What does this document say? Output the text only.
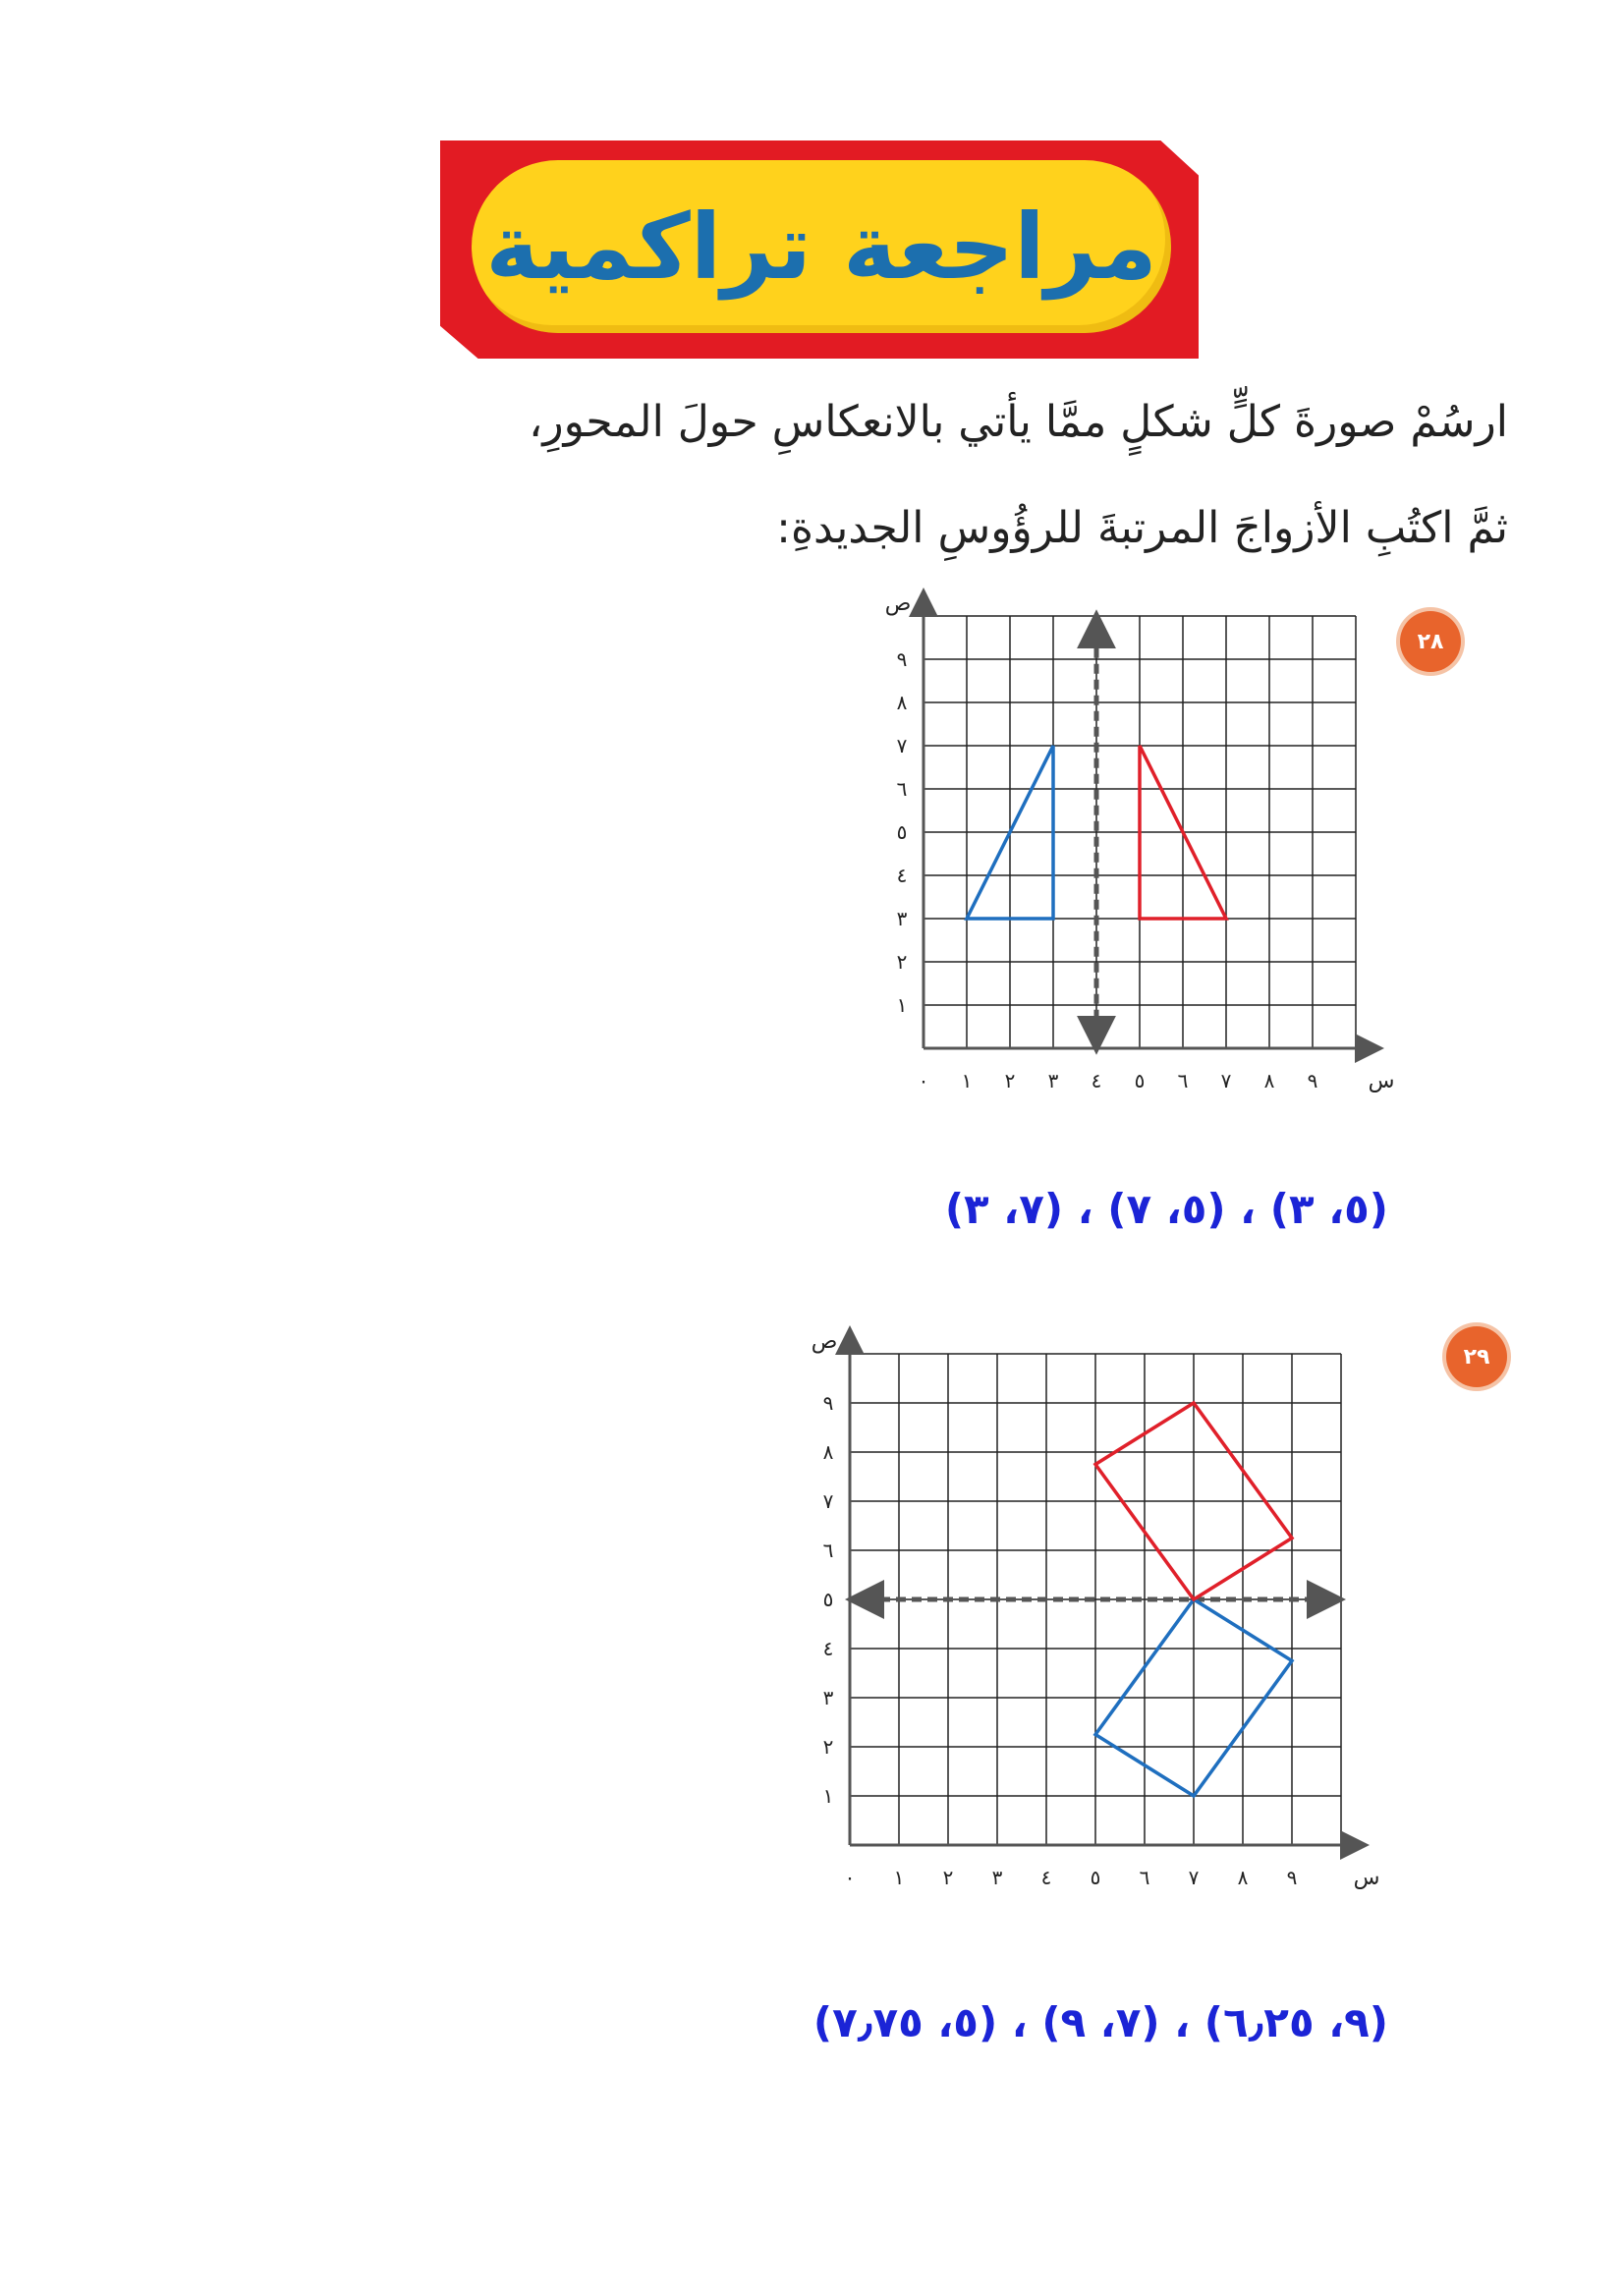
مراجعة تراكمية
ارسُمْ صورةَ كلٍّ شكلٍ ممَّا يأتي بالانعكاسِ حولَ المحورِ،
ثمَّ اكتُبِ الأزواجَ المرتبةَ للرؤُوسِ الجديدةِ:
٢٨
٠ ١ ٢ ٣ ٤ ٥ ٦ ٧ ٨ ٩
١
٢
٣
٤
٥
٦
٧
٨
٩
س
ص
(٥، ٣) ، (٥، ٧) ، (٧، ٣)
٢٩
٠ ١ ٢ ٣ ٤ ٥ ٦ ٧ ٨ ٩
١
٢
٣
٤
٥
٦
٧
٨
٩
س
ص
(٩، ٦٫٢٥) ، (٧، ٩) ، (٥، ٧٫٧٥)
